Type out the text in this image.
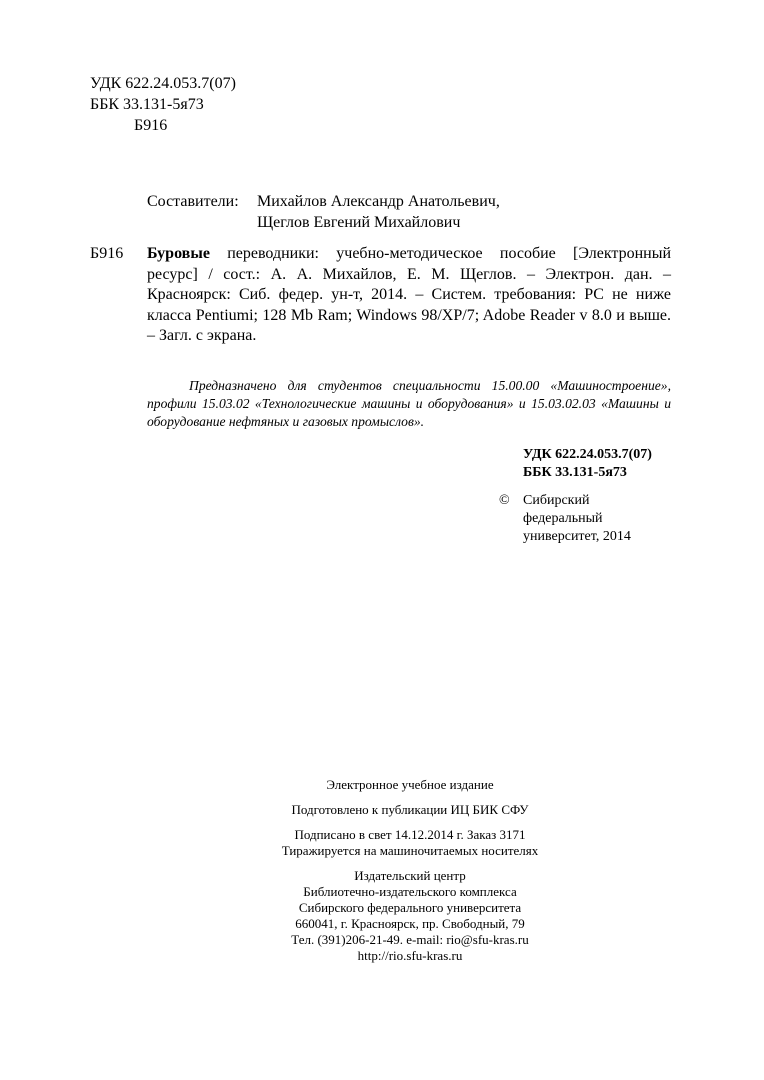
УДК 622.24.053.7(07)
ББК 33.131-5я73
Б916
Составители: Михайлов Александр Анатольевич,
Щеглов Евгений Михайлович
Б916 Буровые переводники: учебно-методическое пособие [Электронный ресурс] / сост.: А. А. Михайлов, Е. М. Щеглов. – Электрон. дан. – Красноярск: Сиб. федер. ун-т, 2014. – Систем. требования: PC не ниже класса Pentiumi; 128 Mb Ram; Windows 98/XP/7; Adobe Reader v 8.0 и выше. – Загл. с экрана.
Предназначено для студентов специальности 15.00.00 «Машиностроение», профили 15.03.02 «Технологические машины и оборудования» и 15.03.02.03 «Машины и оборудование нефтяных и газовых промыслов».
УДК 622.24.053.7(07)
ББК 33.131-5я73
© Сибирский
федеральный
университет, 2014
Электронное учебное издание
Подготовлено к публикации ИЦ БИК СФУ
Подписано в свет 14.12.2014 г. Заказ 3171
Тиражируется на машиночитаемых носителях
Издательский центр
Библиотечно-издательского комплекса
Сибирского федерального университета
660041, г. Красноярск, пр. Свободный, 79
Тел. (391)206-21-49. e-mail: rio@sfu-kras.ru
http://rio.sfu-kras.ru
